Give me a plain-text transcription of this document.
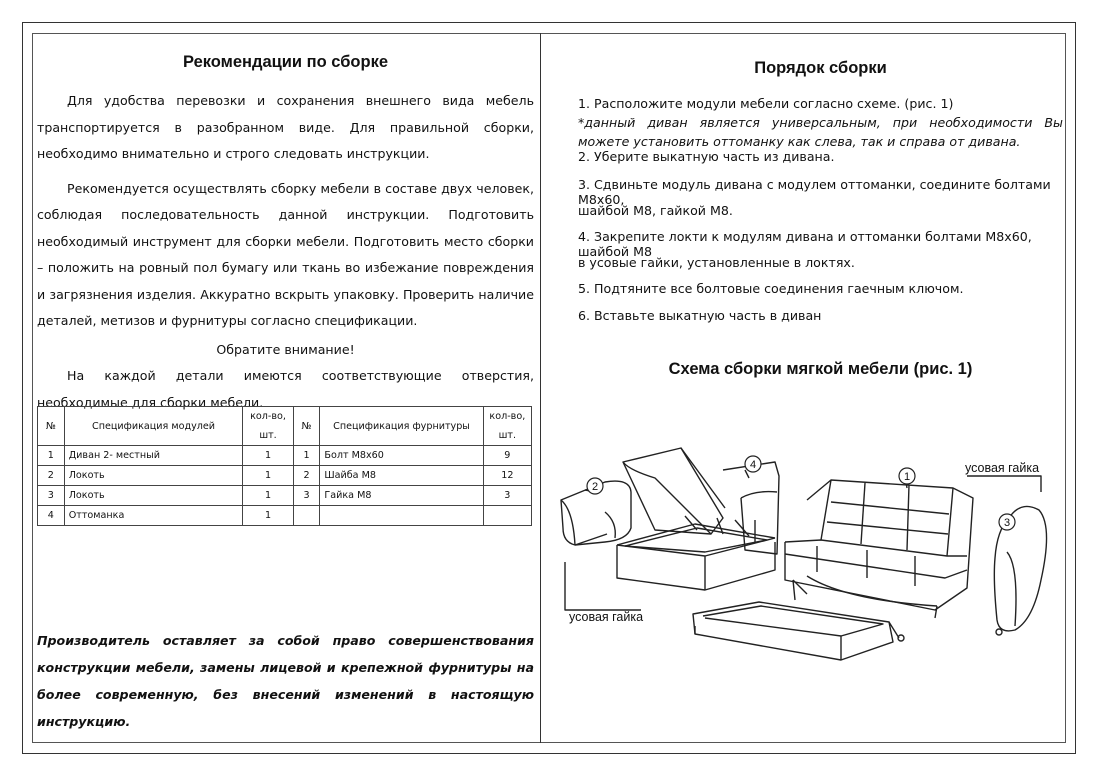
Рекомендации по сборке

Для удобства перевозки и сохранения внешнего вида мебель транспортируется в разобранном виде. Для правильной сборки, необходимо внимательно и строго следовать инструкции.

Рекомендуется осуществлять сборку мебели в составе двух человек, соблюдая последовательность данной инструкции. Подготовить необходимый инструмент для сборки мебели. Подготовить место сборки – положить на ровный пол бумагу или ткань во избежание повреждения и загрязнения изделия. Аккуратно вскрыть упаковку. Проверить наличие деталей, метизов и фурнитуры согласно спецификации.

Обратите внимание!

На каждой детали имеются соответствующие отверстия, необходимые для сборки мебели.

№	Спецификация модулей	кол-во, шт.	№	Спецификация фурнитуры	кол-во, шт.
1	Диван 2- местный	1	1	Болт М8х60	9
2	Локоть	1	2	Шайба М8	12
3	Локоть	1	3	Гайка М8	3
4	Оттоманка	1			
Производитель оставляет за собой право совершенствования конструкции мебели, замены лицевой и крепежной фурнитуры на более современную, без внесений изменений в настоящую инструкцию.
Порядок сборки
1. Расположите модули мебели согласно схеме. (рис. 1)
*данный диван является универсальным, при необходимости Вы можете установить оттоманку как слева, так и справа от дивана.
2. Уберите выкатную часть из дивана.
3. Сдвиньте модуль дивана с модулем оттоманки, соедините болтами М8х60,
шайбой М8, гайкой М8.
4. Закрепите локти к модулям дивана и оттоманки болтами М8х60, шайбой М8
в усовые гайки, установленные в локтях.
5. Подтяните все болтовые соединения гаечным ключом.
6. Вставьте выкатную часть в диван
Схема сборки мягкой мебели (рис. 1)
1
2
3
4	усовая гайка
усовая гайка
